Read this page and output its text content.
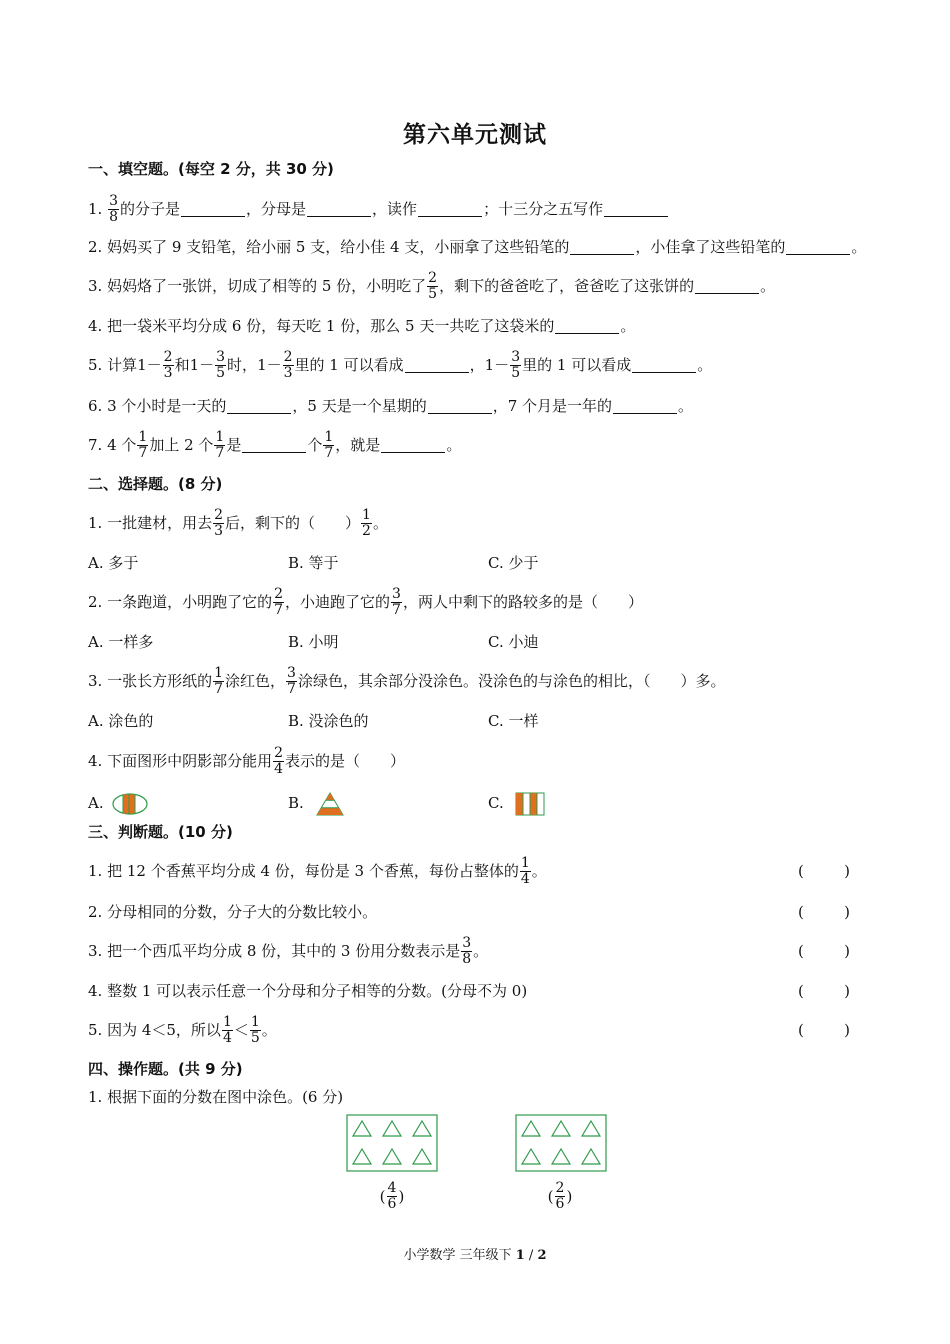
第六单元测试
一、填空题。(每空 2 分，共 30 分)
1. $\frac{3}{8}$ 的分子是	，分母是	，读作	；十三分之五写作
2. 妈妈买了 9 支铅笔，给小丽 5 支，给小佳 4 支，小丽拿了这些铅笔的	，小佳拿了这些铅笔的	。
3. 妈妈烙了一张饼，切成了相等的 5 份，小明吃了 $\frac{2}{5}$ ，剩下的爸爸吃了，爸爸吃了这张饼的	。
4. 把一袋米平均分成 6 份，每天吃 1 份，那么 5 天一共吃了这袋米的	。
5. 计算$1- \frac{2}{3}$ 和$1- \frac{3}{5}$ 时，$1- \frac{2}{3}$ 里的 1 可以看成	，$1- \frac{3}{5}$ 里的 1 可以看成	。
6. 3 个小时是一天的	，5 天是一个星期的	，7 个月是一年的	。
7. 4 个 $\frac{1}{7}$ 加上 2 个 $\frac{1}{7}$ 是	个 $\frac{1}{7}$ ，就是	。
二、选择题。(8 分)
1. 一批建材，用去 $\frac{2}{3}$ 后，剩下的（　　） $\frac{1}{2}$ 。
A. 多于	B. 等于	C. 少于
2. 一条跑道，小明跑了它的 $\frac{2}{7}$ ，小迪跑了它的 $\frac{3}{7}$ ，两人中剩下的路较多的是（　　）
A. 一样多	B. 小明	C. 小迪
3. 一张长方形纸的 $\frac{1}{7}$ 涂红色， $\frac{3}{7}$ 涂绿色，其余部分没涂色。没涂色的与涂色的相比，（　　）多。
A. 涂色的	B. 没涂色的	C. 一样
4. 下面图形中阴影部分能用 $\frac{2}{4}$ 表示的是（　　）
A.	B.	C.
三、判断题。(10 分)
1. 把 12 个香蕉平均分成 4 份，每份是 3 个香蕉，每份占整体的 $\frac{1}{4}$ 。	(	)
2. 分母相同的分数，分子大的分数比较小。	(	)
3. 把一个西瓜平均分成 8 份，其中的 3 份用分数表示是 $\frac{3}{8}$ 。	(	)
4. 整数 1 可以表示任意一个分母和分子相等的分数。(分母不为 0)	(	)
5. 因为 4＜5，所以 $\frac{1}{4} < \frac{1}{5}$ 。	(	)
四、操作题。(共 9 分)
1. 根据下面的分数在图中涂色。(6 分)
( $\frac{4}{6}$ )	( $\frac{2}{6}$ )
小学数学 三年级下 1 / 2
